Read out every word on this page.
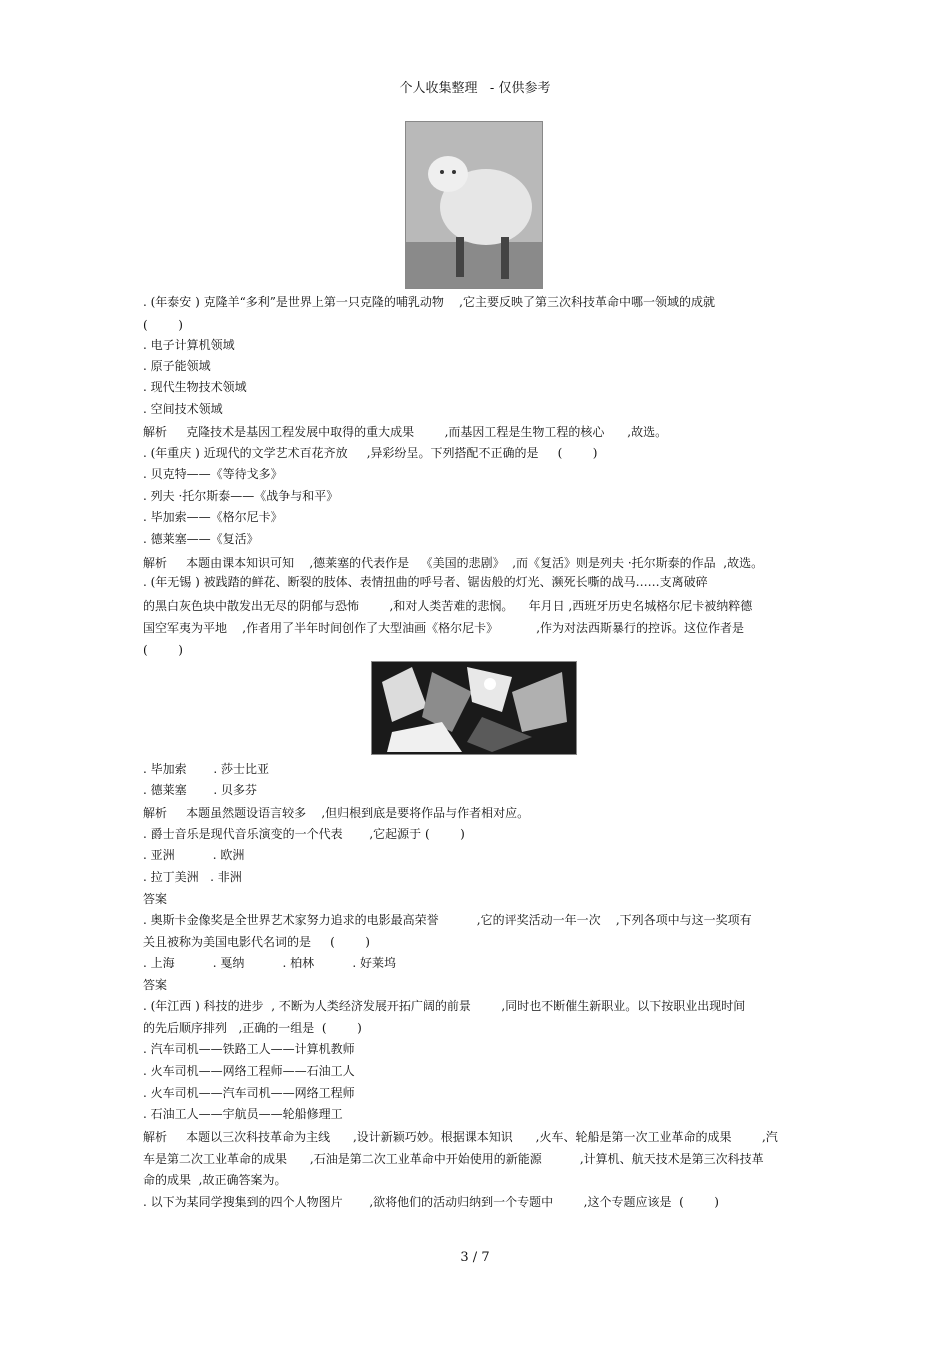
个人收集整理   - 仅供参考
. (年泰安 ) 克隆羊“多利”是世界上第一只克隆的哺乳动物    ,它主要反映了第三次科技革命中哪一领域的成就
(        )
. 电子计算机领域
. 原子能领域
. 现代生物技术领域
. 空间技术领域
解析     克隆技术是基因工程发展中取得的重大成果        ,而基因工程是生物工程的核心      ,故选。
. (年重庆 ) 近现代的文学艺术百花齐放     ,异彩纷呈。下列搭配不正确的是     (        )
. 贝克特——《等待戈多》
. 列夫 ·托尔斯泰——《战争与和平》
. 毕加索——《格尔尼卡》
. 德莱塞——《复活》
解析     本题由课本知识可知    ,德莱塞的代表作是   《美国的悲剧》  ,而《复活》则是列夫 ·托尔斯泰的作品  ,故选。
. (年无锡 ) 被践踏的鲜花、断裂的肢体、表情扭曲的呼号者、锯齿般的灯光、濒死长嘶的战马……支离破碎
的黑白灰色块中散发出无尽的阴郁与恐怖        ,和对人类苦难的悲悯。    年月日 ,西班牙历史名城格尔尼卡被纳粹德
国空军夷为平地    ,作者用了半年时间创作了大型油画《格尔尼卡》          ,作为对法西斯暴行的控诉。这位作者是
(        )
. 毕加索       . 莎士比亚
. 德莱塞       . 贝多芬
解析     本题虽然题设语言较多    ,但归根到底是要将作品与作者相对应。
. 爵士音乐是现代音乐演变的一个代表       ,它起源于 (        )
. 亚洲          . 欧洲
. 拉丁美洲   . 非洲
答案
. 奥斯卡金像奖是全世界艺术家努力追求的电影最高荣誉          ,它的评奖活动一年一次    ,下列各项中与这一奖项有
关且被称为美国电影代名词的是     (        )
. 上海          . 戛纳          . 柏林          . 好莱坞
答案
. (年江西 ) 科技的进步  , 不断为人类经济发展开拓广阔的前景        ,同时也不断催生新职业。以下按职业出现时间
的先后顺序排列   ,正确的一组是  (        )
. 汽车司机——铁路工人——计算机教师
. 火车司机——网络工程师——石油工人
. 火车司机——汽车司机——网络工程师
. 石油工人——宇航员——轮船修理工
解析     本题以三次科技革命为主线      ,设计新颖巧妙。根据课本知识      ,火车、轮船是第一次工业革命的成果        ,汽
车是第二次工业革命的成果      ,石油是第二次工业革命中开始使用的新能源          ,计算机、航天技术是第三次科技革
命的成果  ,故正确答案为。
. 以下为某同学搜集到的四个人物图片       ,欲将他们的活动归纳到一个专题中        ,这个专题应该是  (        )
3 / 7
